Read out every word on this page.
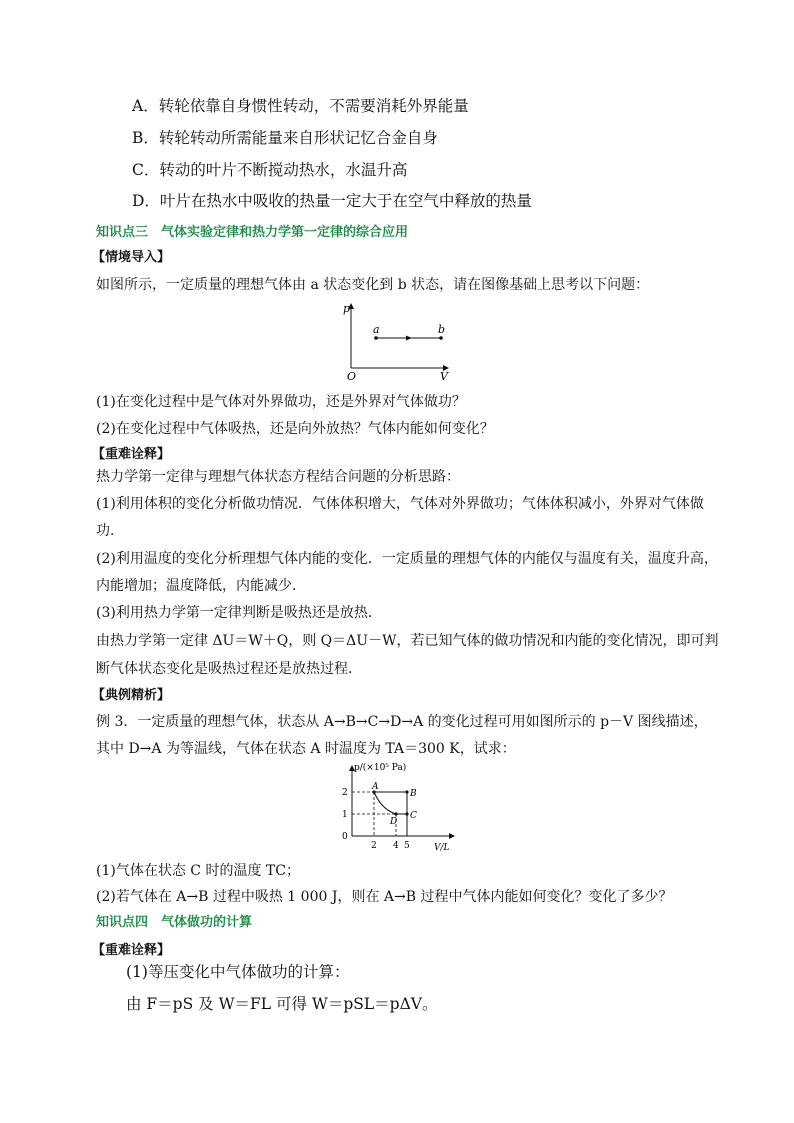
A．转轮依靠自身惯性转动，不需要消耗外界能量
B．转轮转动所需能量来自形状记忆合金自身
C．转动的叶片不断搅动热水，水温升高
D．叶片在热水中吸收的热量一定大于在空气中释放的热量
知识点三　气体实验定律和热力学第一定律的综合应用
【情境导入】
如图所示，一定质量的理想气体由 a 状态变化到 b 状态，请在图像基础上思考以下问题：
p
V
O
a	b
(1)在变化过程中是气体对外界做功，还是外界对气体做功？
(2)在变化过程中气体吸热，还是向外放热？气体内能如何变化？
【重难诠释】
热力学第一定律与理想气体状态方程结合问题的分析思路：
(1)利用体积的变化分析做功情况．气体体积增大，气体对外界做功；气体体积减小，外界对气体做
功．
(2)利用温度的变化分析理想气体内能的变化．一定质量的理想气体的内能仅与温度有关，温度升高，
内能增加；温度降低，内能减少．
(3)利用热力学第一定律判断是吸热还是放热．
由热力学第一定律 ΔU＝W＋Q，则 Q＝ΔU－W，若已知气体的做功情况和内能的变化情况，即可判
断气体状态变化是吸热过程还是放热过程．
【典例精析】
例 3．一定质量的理想气体，状态从 A→B→C→D→A 的变化过程可用如图所示的 p－V 图线描述，
其中 D→A 为等温线，气体在状态 A 时温度为 TA＝300 K，试求：
p/(×10⁵ Pa)
V/L
2
1
0
2 4 5
A
B
C
D
(1)气体在状态 C 时的温度 TC；
(2)若气体在 A→B 过程中吸热 1 000 J，则在 A→B 过程中气体内能如何变化？变化了多少？
知识点四　气体做功的计算
【重难诠释】
(1)等压变化中气体做功的计算：
由 F＝pS 及 W＝FL 可得 W＝pSL＝pΔV。
